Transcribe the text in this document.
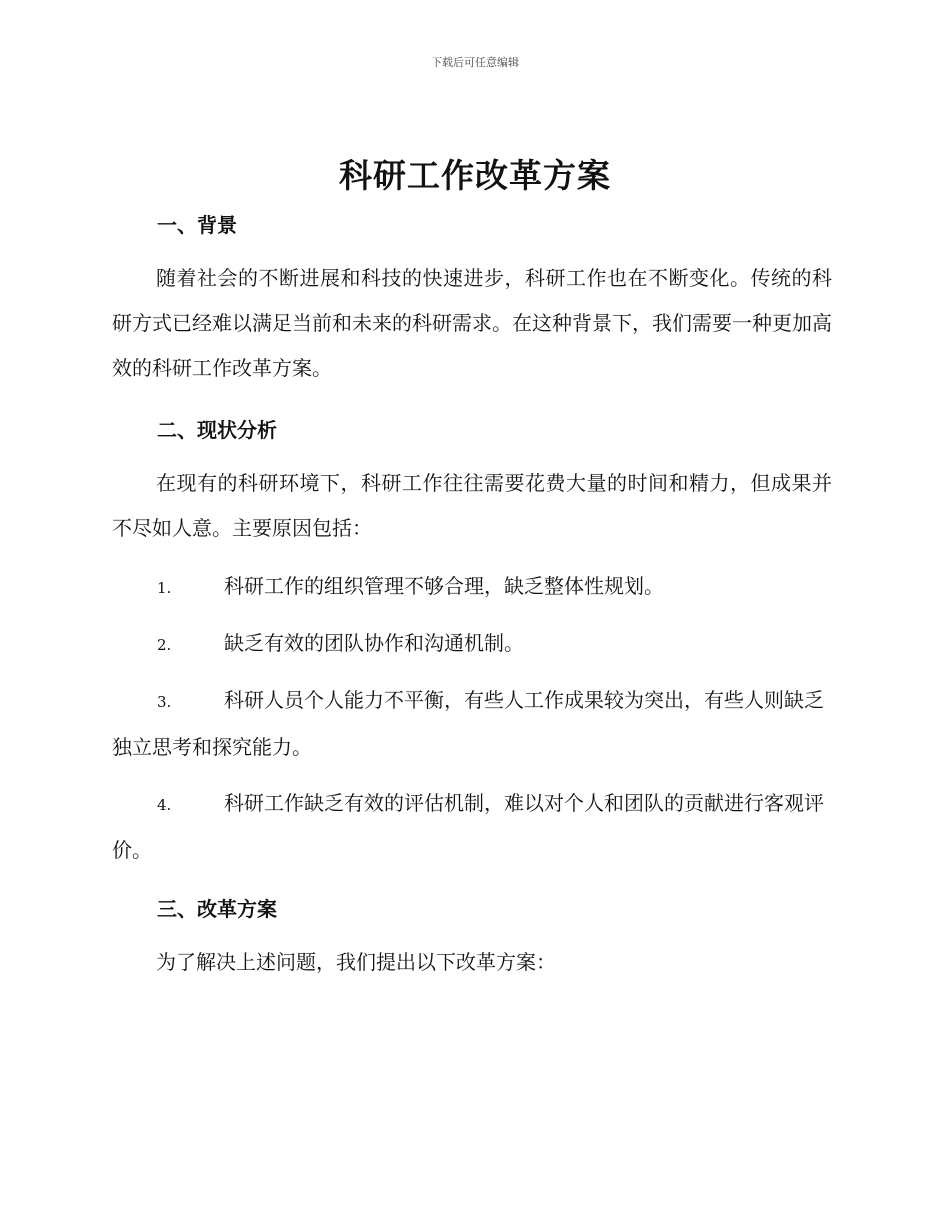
下载后可任意编辑
科研工作改革方案
一、背景
随着社会的不断进展和科技的快速进步，科研工作也在不断变化。传统的科研方式已经难以满足当前和未来的科研需求。在这种背景下，我们需要一种更加高效的科研工作改革方案。
二、现状分析
在现有的科研环境下，科研工作往往需要花费大量的时间和精力，但成果并不尽如人意。主要原因包括：
1.	科研工作的组织管理不够合理，缺乏整体性规划。
2.	缺乏有效的团队协作和沟通机制。
3.	科研人员个人能力不平衡，有些人工作成果较为突出，有些人则缺乏独立思考和探究能力。
4.	科研工作缺乏有效的评估机制，难以对个人和团队的贡献进行客观评价。
三、改革方案
为了解决上述问题，我们提出以下改革方案：
